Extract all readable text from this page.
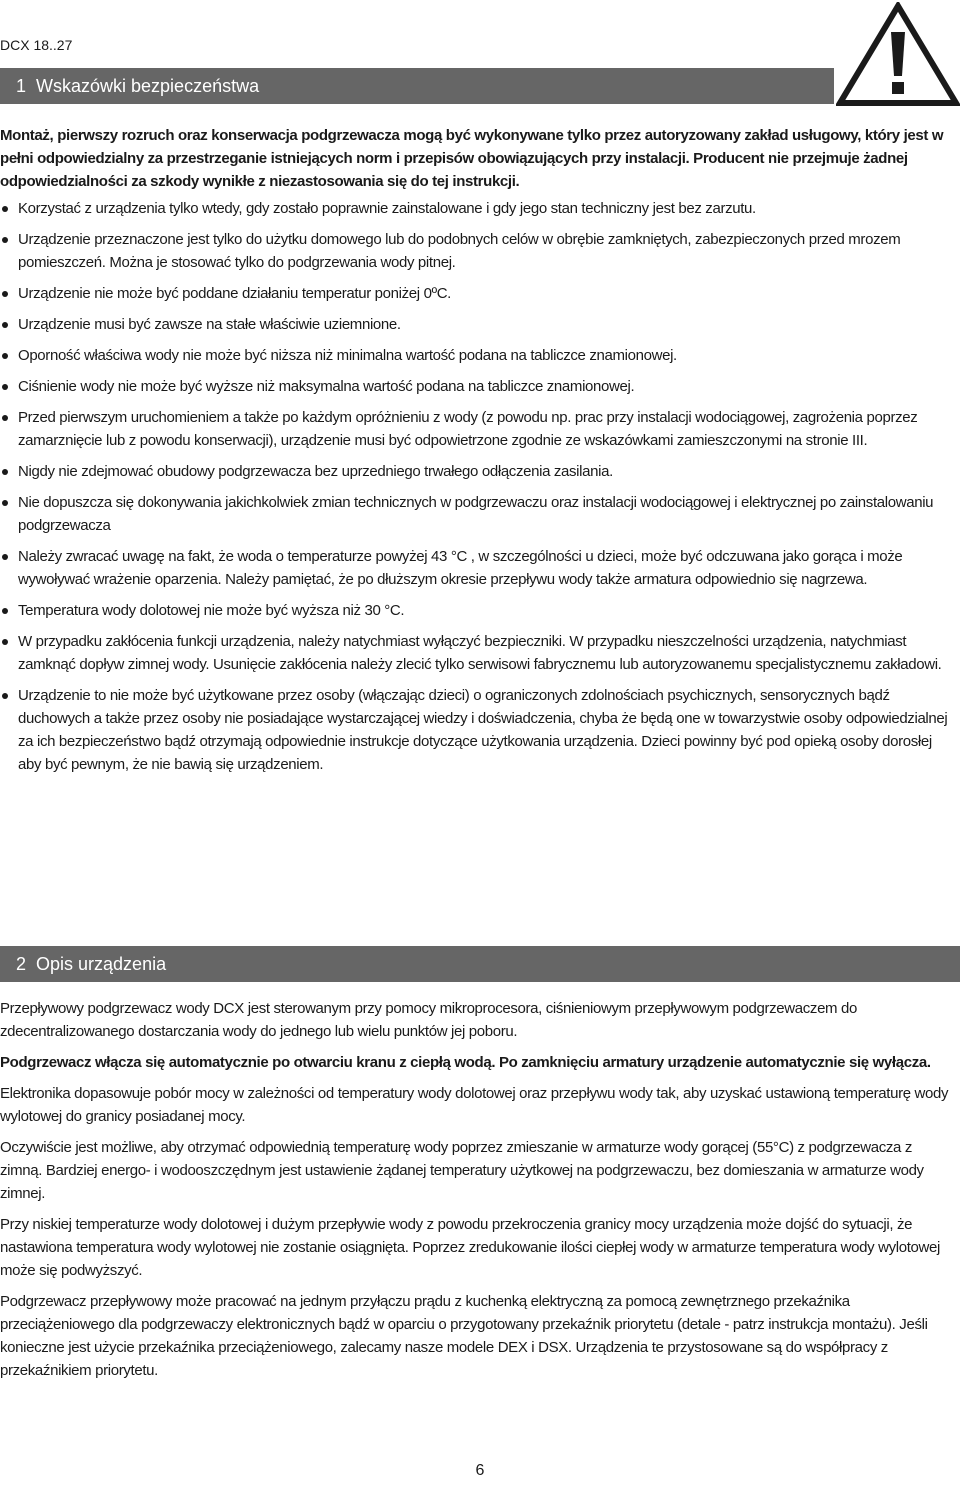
DCX 18..27
1 Wskazówki bezpieczeństwa

Montaż, pierwszy rozruch oraz konserwacja podgrzewacza mogą być wykonywane tylko przez autoryzowany zakład usługowy, który jest w pełni odpowiedzialny za przestrzeganie istniejących norm i przepisów obowiązujących przy instalacji. Producent nie przejmuje żadnej odpowiedzialności za szkody wynikłe z niezastosowania się do tej instrukcji.

Korzystać z urządzenia tylko wtedy, gdy zostało poprawnie zainstalowane i gdy jego stan techniczny jest bez zarzutu.
Urządzenie przeznaczone jest tylko do użytku domowego lub do podobnych celów w obrębie zamkniętych, zabezpieczonych przed mrozem pomieszczeń. Można je stosować tylko do podgrzewania wody pitnej.
Urządzenie nie może być poddane działaniu temperatur poniżej 0ºC.
Urządzenie musi być zawsze na stałe właściwie uziemnione.
Oporność właściwa wody nie może być niższa niż minimalna wartość podana na tabliczce znamionowej.
Ciśnienie wody nie może być wyższe niż maksymalna wartość podana na tabliczce znamionowej.
Przed pierwszym uruchomieniem a także po każdym opróżnieniu z wody (z powodu np. prac przy instalacji wodociągowej, zagrożenia poprzez zamarznięcie lub z powodu konserwacji), urządzenie musi być odpowietrzone zgodnie ze wskazówkami zamieszczonymi na stronie III.
Nigdy nie zdejmować obudowy podgrzewacza bez uprzedniego trwałego odłączenia zasilania.
Nie dopuszcza się dokonywania jakichkolwiek zmian technicznych w podgrzewaczu oraz instalacji wodociągowej i elektrycznej po zainstalowaniu podgrzewacza
Należy zwracać uwagę na fakt, że woda o temperaturze powyżej 43 °C , w szczególności u dzieci, może być odczuwana jako gorąca i może wywoływać wrażenie oparzenia. Należy pamiętać, że po dłuższym okresie przepływu wody także armatura odpowiednio się nagrzewa.
Temperatura wody dolotowej nie może być wyższa niż 30 °C.
W przypadku zakłócenia funkcji urządzenia, należy natychmiast wyłączyć bezpieczniki. W przypadku nieszczelności urządzenia, natychmiast zamknąć dopływ zimnej wody. Usunięcie zakłócenia należy zlecić tylko serwisowi fabrycznemu lub autoryzowanemu specjalistycznemu zakładowi.
Urządzenie to nie może być użytkowane przez osoby (włączając dzieci) o ograniczonych zdolnościach psychicznych, sensorycznych bądź duchowych a także przez osoby nie posiadające wystarczającej wiedzy i doświadczenia, chyba że będą one w towarzystwie osoby odpowiedzialnej za ich bezpieczeństwo bądź otrzymają odpowiednie instrukcje dotyczące użytkowania urządzenia. Dzieci powinny być pod opieką osoby dorosłej aby być pewnym, że nie bawią się urządzeniem.
2 Opis urządzenia

Przepływowy podgrzewacz wody DCX jest sterowanym przy pomocy mikroprocesora, ciśnieniowym przepływowym podgrzewaczem do zdecentralizowanego dostarczania wody do jednego lub wielu punktów jej poboru.

Podgrzewacz włącza się automatycznie po otwarciu kranu z ciepłą wodą. Po zamknięciu armatury urządzenie automatycznie się wyłącza.

Elektronika dopasowuje pobór mocy w zależności od temperatury wody dolotowej oraz przepływu wody tak, aby uzyskać ustawioną temperaturę wody wylotowej do granicy posiadanej mocy.

Oczywiście jest możliwe, aby otrzymać odpowiednią temperaturę wody poprzez zmieszanie w armaturze wody gorącej (55°C) z podgrzewacza z zimną. Bardziej energo- i wodooszczędnym jest ustawienie żądanej temperatury użytkowej na podgrzewaczu, bez domieszania w armaturze wody zimnej.

Przy niskiej temperaturze wody dolotowej i dużym przepływie wody z powodu przekroczenia granicy mocy urządzenia może dojść do sytuacji, że nastawiona temperatura wody wylotowej nie zostanie osiągnięta. Poprzez zredukowanie ilości ciepłej wody w armaturze temperatura wody wylotowej może się podwyższyć.

Podgrzewacz przepływowy może pracować na jednym przyłączu prądu z kuchenką elektryczną za pomocą zewnętrznego przekaźnika przeciążeniowego dla podgrzewaczy elektronicznych bądź w oparciu o przygotowany przekaźnik priorytetu (detale - patrz instrukcja montażu). Jeśli konieczne jest użycie przekaźnika przeciążeniowego, zalecamy nasze modele DEX i DSX. Urządzenia te przystosowane są do współpracy z przekaźnikiem priorytetu.

6
